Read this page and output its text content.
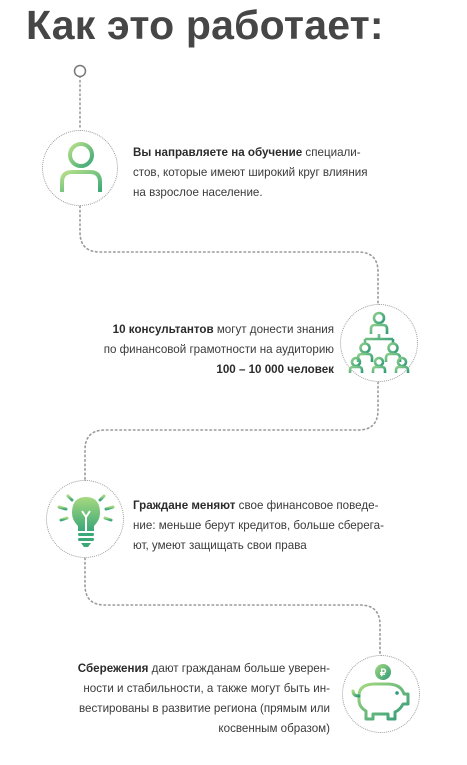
Как это работает:
Вы направляете на обучение специали-
стов, которые имеют широкий круг влияния
на взрослое население.
10 консультантов могут донести знания
по финансовой грамотности на аудиторию
100 – 10 000 человек
Граждане меняют свое финансовое поведе-
ние: меньше берут кредитов, больше сберега-
ют, умеют защищать свои права
₽
Сбережения дают гражданам больше уверен-
ности и стабильности, а также могут быть ин-
вестированы в развитие региона (прямым или
косвенным образом)
